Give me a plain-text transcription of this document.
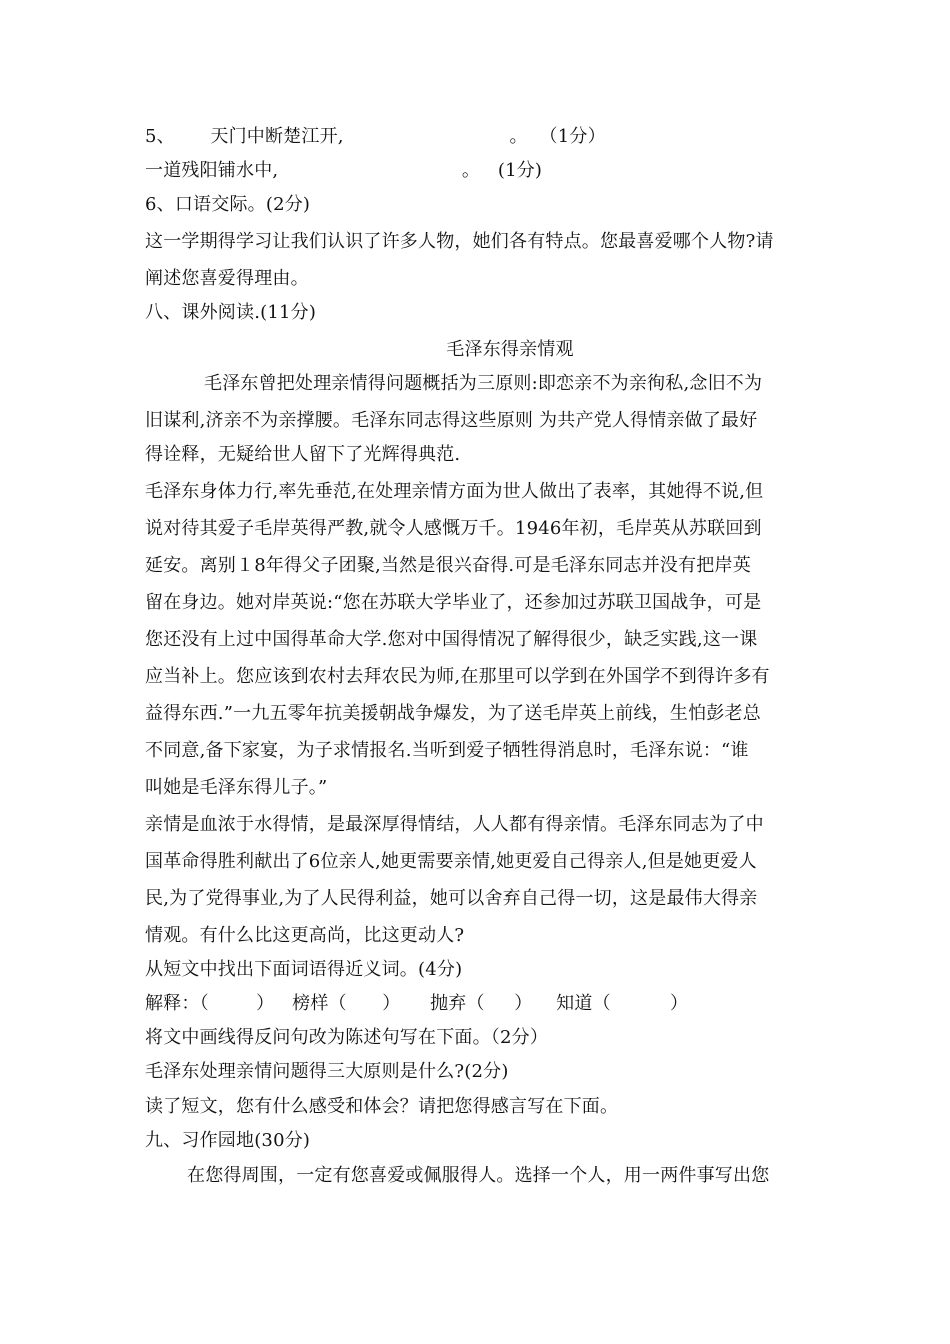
5、      天门中断楚江开,                            。  （1分）
一道残阳铺水中,                               。   (1分)
6、口语交际。(2分)
这一学期得学习让我们认识了许多人物，她们各有特点。您最喜爱哪个人物?请
阐述您喜爱得理由。
八、课外阅读.(11分)
毛泽东得亲情观
毛泽东曾把处理亲情得问题概括为三原则:即恋亲不为亲徇私,念旧不为
旧谋利,济亲不为亲撑腰。毛泽东同志得这些原则 为共产党人得情亲做了最好
得诠释，无疑给世人留下了光辉得典范.
毛泽东身体力行,率先垂范,在处理亲情方面为世人做出了表率，其她得不说,但
说对待其爱子毛岸英得严教,就令人感慨万千。1946年初，毛岸英从苏联回到
延安。离别１8年得父子团聚,当然是很兴奋得.可是毛泽东同志并没有把岸英
留在身边。她对岸英说:“您在苏联大学毕业了，还参加过苏联卫国战争，可是
您还没有上过中国得革命大学.您对中国得情况了解得很少，缺乏实践,这一课
应当补上。您应该到农村去拜农民为师,在那里可以学到在外国学不到得许多有
益得东西.”一九五零年抗美援朝战争爆发，为了送毛岸英上前线，生怕彭老总
不同意,备下家宴，为子求情报名.当听到爱子牺牲得消息时，毛泽东说：“谁
叫她是毛泽东得儿子。”
亲情是血浓于水得情，是最深厚得情结，人人都有得亲情。毛泽东同志为了中
国革命得胜利献出了6位亲人,她更需要亲情,她更爱自己得亲人,但是她更爱人
民,为了党得事业,为了人民得利益，她可以舍弃自己得一切，这是最伟大得亲
情观。有什么比这更高尚，比这更动人?
从短文中找出下面词语得近义词。(4分)
解释：（        ）   榜样（      ）     抛弃（     ）    知道（          ）
将文中画线得反问句改为陈述句写在下面。（2分）
毛泽东处理亲情问题得三大原则是什么?(2分)
读了短文，您有什么感受和体会？请把您得感言写在下面。
九、习作园地(30分)
在您得周围，一定有您喜爱或佩服得人。选择一个人，用一两件事写出您
